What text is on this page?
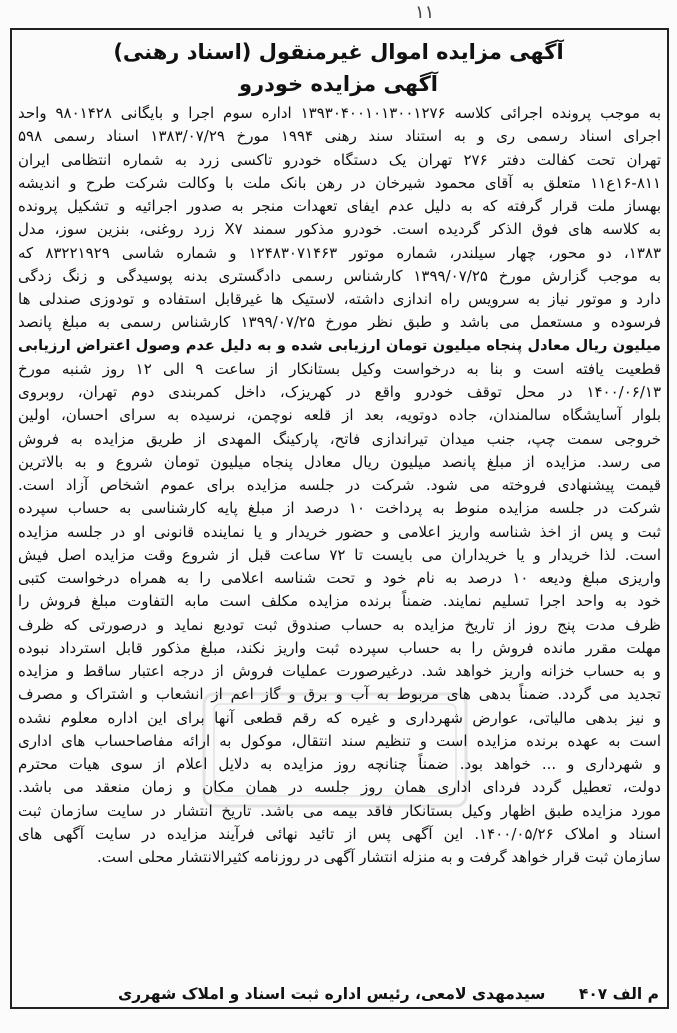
١١
آگهی مزایده اموال غیرمنقول (اسناد رهنی)
آگهی مزایده خودرو
به موجب پرونده اجرائی کلاسه ۱۳۹۳۰۴۰۰۱۰۱۳۰۰۱۲۷۶ اداره سوم اجرا و بایگانی ۹۸۰۱۴۲۸ واحد
اجرای اسناد رسمی ری و به استناد سند رهنی ۱۹۹۴ مورخ ۱۳۸۳/۰۷/۲۹ اسناد رسمی ۵۹۸
تهران تحت کفالت دفتر ۲۷۶ تهران یک دستگاه خودرو تاکسی زرد به شماره انتظامی ایران
۱۶-۸۱۱ع۱۱ متعلق به آقای محمود شیرخان در رهن بانک ملت با وکالت شرکت طرح و اندیشه
بهساز ملت قرار گرفته که به دلیل عدم ایفای تعهدات منجر به صدور اجرائیه و تشکیل پرونده
به کلاسه های فوق الذکر گردیده است. خودرو مذکور سمند X۷ زرد روغنی، بنزین سوز، مدل
۱۳۸۳، دو محور، چهار سیلندر، شماره موتور ۱۲۴۸۳۰۷۱۴۶۳ و شماره شاسی ۸۳۲۲۱۹۲۹ که
به موجب گزارش مورخ ۱۳۹۹/۰۷/۲۵ کارشناس رسمی دادگستری بدنه پوسیدگی و زنگ زدگی
دارد و موتور نیاز به سرویس راه اندازی داشته، لاستیک ها غیرقابل استفاده و تودوزی صندلی ها
فرسوده و مستعمل می باشد و طبق نظر مورخ ۱۳۹۹/۰۷/۲۵ کارشناس رسمی به مبلغ پانصد
میلیون ریال معادل پنجاه میلیون تومان ارزیابی شده و به دلیل عدم وصول اعتراض ارزیابی
قطعیت یافته است و بنا به درخواست وکیل بستانکار از ساعت ۹ الی ۱۲ روز شنبه مورخ
۱۴۰۰/۰۶/۱۳ در محل توقف خودرو واقع در کهریزک، داخل کمربندی دوم تهران، روبروی
بلوار آسایشگاه سالمندان، جاده دوتویه، بعد از قلعه نوچمن، نرسیده به سرای احسان، اولین
خروجی سمت چپ، جنب میدان تیراندازی فاتح، پارکینگ المهدی از طریق مزایده به فروش
می رسد. مزایده از مبلغ پانصد میلیون ریال معادل پنجاه میلیون تومان شروع و به بالاترین
قیمت پیشنهادی فروخته می شود. شرکت در جلسه مزایده برای عموم اشخاص آزاد است.
شرکت در جلسه مزایده منوط به پرداخت ۱۰ درصد از مبلغ پایه کارشناسی به حساب سپرده
ثبت و پس از اخذ شناسه واریز اعلامی و حضور خریدار و یا نماینده قانونی او در جلسه مزایده
است. لذا خریدار و یا خریداران می بایست تا ۷۲ ساعت قبل از شروع وقت مزایده اصل فیش
واریزی مبلغ ودیعه ۱۰ درصد به نام خود و تحت شناسه اعلامی را به همراه درخواست کتبی
خود به واحد اجرا تسلیم نمایند. ضمناً برنده مزایده مکلف است مابه التفاوت مبلغ فروش را
ظرف مدت پنج روز از تاریخ مزایده به حساب صندوق ثبت تودیع نماید و درصورتی که ظرف
مهلت مقرر مانده فروش را به حساب سپرده ثبت واریز نکند، مبلغ مذکور قابل استرداد نبوده
و به حساب خزانه واریز خواهد شد. درغیرصورت عملیات فروش از درجه اعتبار ساقط و مزایده
تجدید می گردد. ضمناً بدهی های مربوط به آب و برق و گاز اعم از انشعاب و اشتراک و مصرف
و نیز بدهی مالیاتی، عوارض شهرداری و غیره که رقم قطعی آنها برای این اداره معلوم نشده
است به عهده برنده مزایده است و تنظیم سند انتقال، موکول به ارائه مفاصاحساب های اداری
و شهرداری و ... خواهد بود. ضمناً چنانچه روز مزایده به دلایل اعلام از سوی هیات محترم
دولت، تعطیل گردد فردای اداری همان روز جلسه در همان مکان و زمان منعقد می باشد.
مورد مزایده طبق اظهار وکیل بستانکار فاقد بیمه می باشد. تاریخ انتشار در سایت سازمان ثبت
اسناد و املاک ۱۴۰۰/۰۵/۲۶. این آگهی پس از تائید نهائی فرآیند مزایده در سایت آگهی های
سازمان ثبت قرار خواهد گرفت و به منزله انتشار آگهی در روزنامه کثیرالانتشار محلی است.
م الف ۴۰۷
سیدمهدی لامعی، رئیس اداره ثبت اسناد و املاک شهرری
